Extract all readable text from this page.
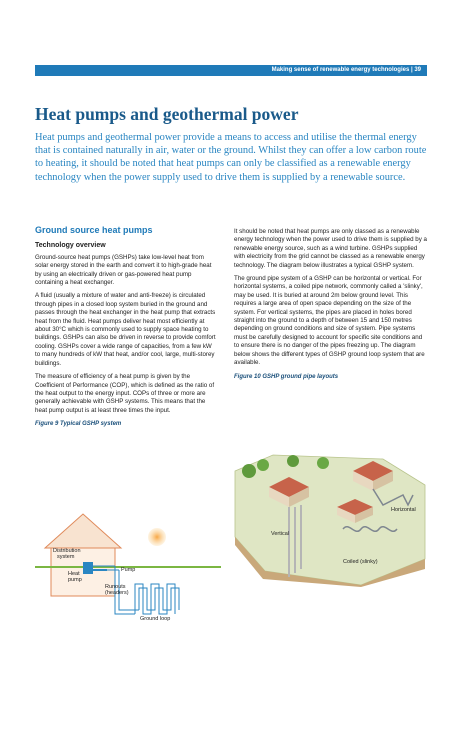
Making sense of renewable energy technologies | 39
Heat pumps and geothermal power

Heat pumps and geothermal power provide a means to access and utilise the thermal energy that is contained naturally in air, water or the ground. Whilst they can offer a low carbon route to heating, it should be noted that heat pumps can only be classified as a renewable energy technology when the power supply used to drive them is supplied by a renewable source.

Ground source heat pumps
Technology overview

Ground-source heat pumps (GSHPs) take low-level heat from solar energy stored in the earth and convert it to high-grade heat by using an electrically driven or gas-powered heat pump containing a heat exchanger.

A fluid (usually a mixture of water and anti-freeze) is circulated through pipes in a closed loop system buried in the ground and passes through the heat exchanger in the heat pump that extracts heat from the fluid. Heat pumps deliver heat most efficiently at about 30°C which is commonly used to supply space heating to buildings. GSHPs can also be driven in reverse to provide comfort cooling. GSHPs cover a wide range of capacities, from a few kW to many hundreds of kW that heat, and/or cool, large, multi-storey buildings.

The measure of efficiency of a heat pump is given by the Coefficient of Performance (COP), which is defined as the ratio of the heat output to the energy input. COPs of three or more are generally achievable with GSHP systems. This means that the heat pump output is at least three times the input.

Figure 9 Typical GSHP system

It should be noted that heat pumps are only classed as a renewable energy technology when the power used to drive them is supplied by a renewable energy source, such as a wind turbine. GSHPs supplied with electricity from the grid cannot be classed as a renewable energy technology. The diagram below illustrates a typical GSHP system.

The ground pipe system of a GSHP can be horizontal or vertical. For horizontal systems, a coiled pipe network, commonly called a 'slinky', may be used. It is buried at around 2m below ground level. This requires a large area of open space depending on the size of the system. For vertical systems, the pipes are placed in holes bored straight into the ground to a depth of between 15 and 150 metres depending on ground conditions and size of system. Pipe systems must be carefully designed to account for specific site conditions and to ensure there is no danger of the pipes freezing up. The diagram below shows the different types of GSHP ground loop system that are available.

Figure 10 GSHP ground pipe layouts

Distribution system
Heat pump
Pump
Runouts (headers)
Ground loop
Vertical
Horizontal
Coiled (slinky)
